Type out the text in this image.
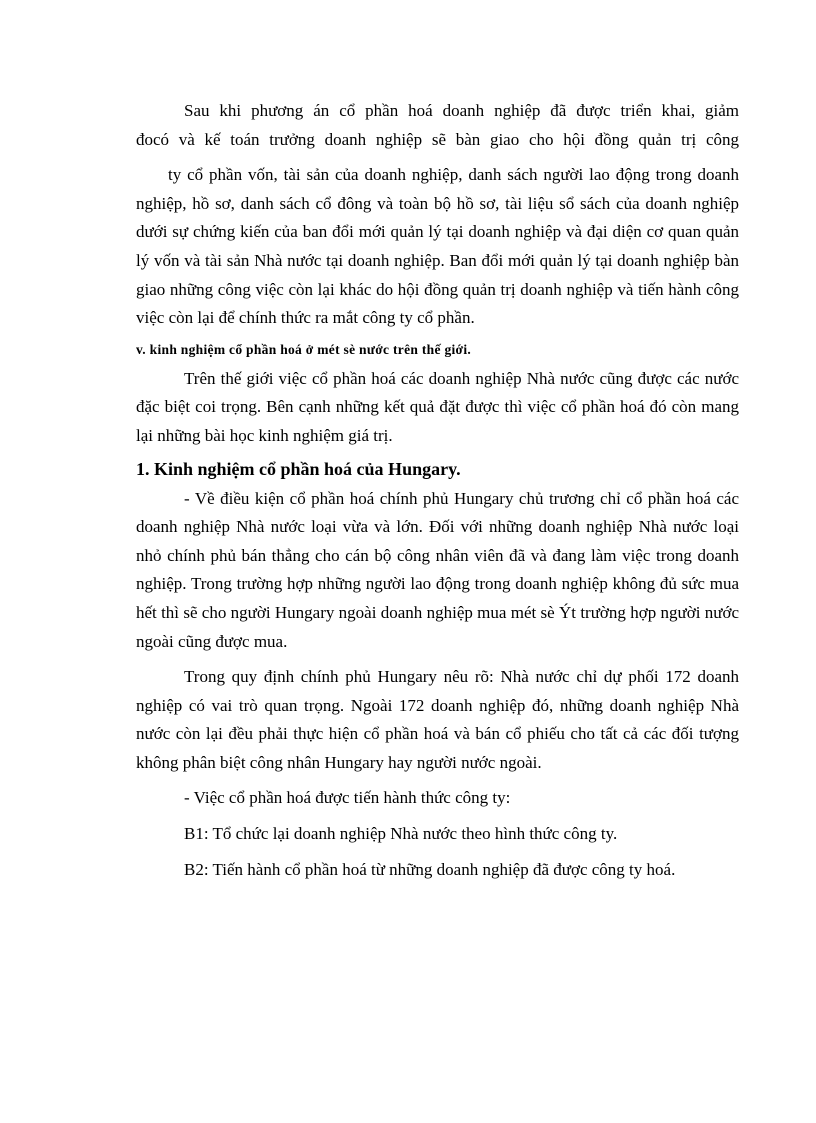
Sau khi phương án cổ phần hoá doanh nghiệp đã được triển khai, giảm

đocó và kế toán trưởng doanh nghiệp sẽ bàn giao cho hội đồng quản trị công

ty cổ phần vốn, tài sản của doanh nghiệp, danh sách người lao động trong doanh nghiệp, hồ sơ, danh sách cổ đông và toàn bộ hồ sơ, tài liệu sổ sách của doanh nghiệp dưới sự chứng kiến của ban đổi mới quản lý tại doanh nghiệp và đại diện cơ quan quản lý vốn và tài sản Nhà nước tại doanh nghiệp. Ban đổi mới quản lý tại doanh nghiệp bàn giao những công việc còn lại khác do hội đồng quản trị doanh nghiệp và tiến hành công việc còn lại để chính thức ra mắt công ty cổ phần.

v. kinh nghiệm cổ phần hoá ở mét sè nước trên thế giới.

Trên thế giới việc cổ phần hoá các doanh nghiệp Nhà nước cũng được các nước đặc biệt coi trọng. Bên cạnh những kết quả đặt được thì việc cổ phần hoá đó còn mang lại những bài học kinh nghiệm giá trị.

1. Kinh nghiệm cổ phần hoá của Hungary.

- Về điều kiện cổ phần hoá chính phủ Hungary chủ trương chỉ cổ phần hoá các doanh nghiệp Nhà nước loại vừa và lớn. Đối với những doanh nghiệp Nhà nước loại nhỏ chính phủ bán thẳng cho cán bộ công nhân viên đã và đang làm việc trong doanh nghiệp. Trong trường hợp những người lao động trong doanh nghiệp không đủ sức mua hết thì sẽ cho người Hungary ngoài doanh nghiệp mua mét sè Ýt trường hợp người nước ngoài cũng được mua.

Trong quy định chính phủ Hungary nêu rõ: Nhà nước chỉ dự phối 172 doanh nghiệp có vai trò quan trọng. Ngoài 172 doanh nghiệp đó, những doanh nghiệp Nhà nước còn lại đều phải thực hiện cổ phần hoá và bán cổ phiếu cho tất cả các đối tượng không phân biệt công nhân Hungary hay người nước ngoài.

- Việc cổ phần hoá được tiến hành thức công ty:

B1: Tổ chức lại doanh nghiệp Nhà nước theo hình thức công ty.

B2: Tiến hành cổ phần hoá từ những doanh nghiệp đã được công ty hoá.
